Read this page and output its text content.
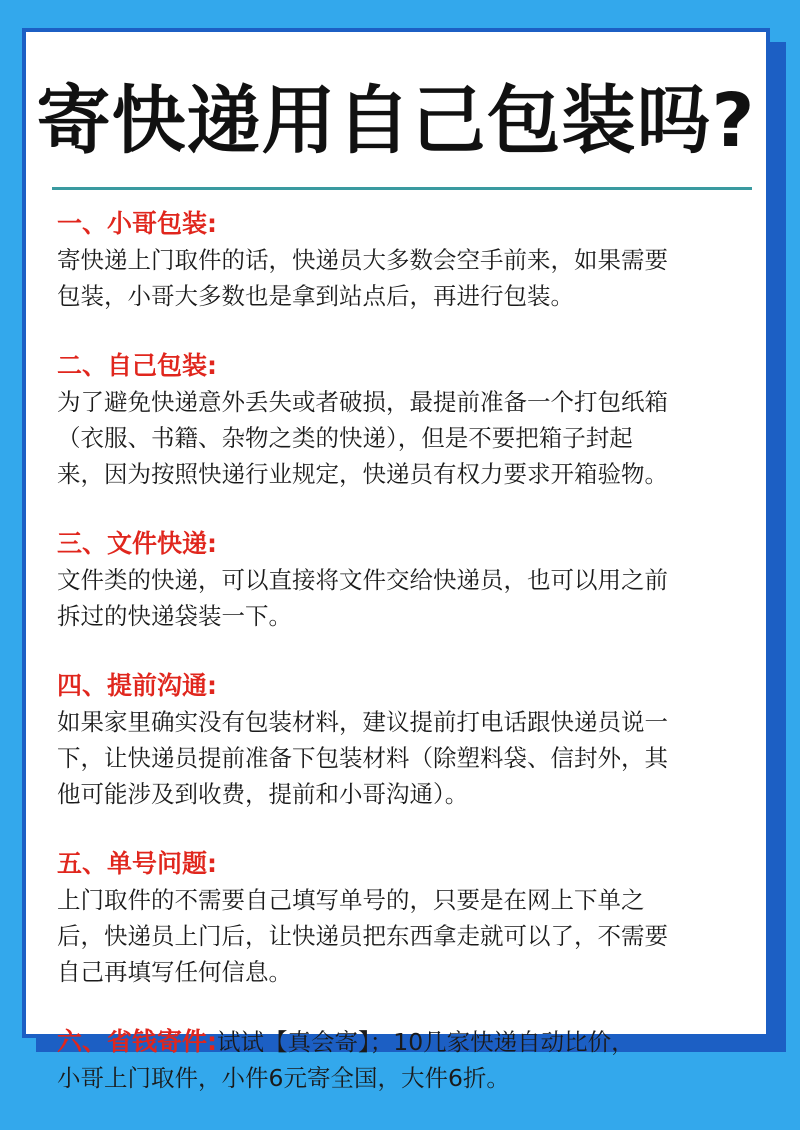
寄快递用自己包装吗?
一、小哥包装:
寄快递上门取件的话，快递员大多数会空手前来，如果需要
包装，小哥大多数也是拿到站点后，再进行包装。
二、自己包装:
为了避免快递意外丢失或者破损，最提前准备一个打包纸箱
（衣服、书籍、杂物之类的快递），但是不要把箱子封起
来，因为按照快递行业规定，快递员有权力要求开箱验物。
三、文件快递:
文件类的快递，可以直接将文件交给快递员，也可以用之前
拆过的快递袋装一下。
四、提前沟通:
如果家里确实没有包装材料，建议提前打电话跟快递员说一
下，让快递员提前准备下包装材料（除塑料袋、信封外，其
他可能涉及到收费，提前和小哥沟通）。
五、单号问题:
上门取件的不需要自己填写单号的，只要是在网上下单之
后，快递员上门后，让快递员把东西拿走就可以了，不需要
自己再填写任何信息。
六、省钱寄件:试试【真会寄】；10几家快递自动比价，
小哥上门取件，小件6元寄全国，大件6折。
